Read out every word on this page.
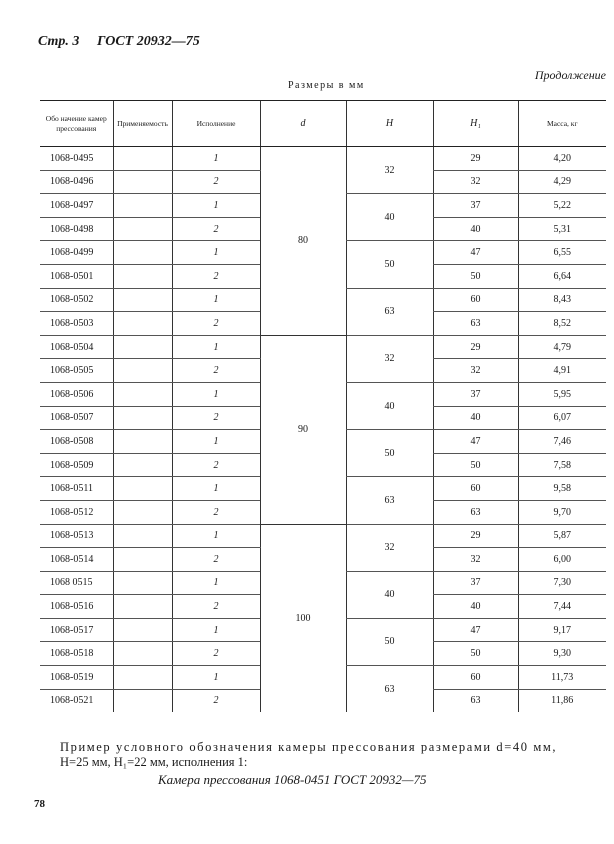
Стр. 3 ГОСТ 20932—75
Продолжение
Размеры в мм
Обо начение камер прессования	Применяемость	Исполнение	d	H	H₁	Масса, кг
1068-0495		1	80	32	29	4,20
1068-0496		2			32	4,29
1068-0497		1		40	37	5,22
1068-0498		2			40	5,31
1068-0499		1		50	47	6,55
1068-0501		2			50	6,64
1068-0502		1		63	60	8,43
1068-0503		2			63	8,52
1068-0504		1	90	32	29	4,79
1068-0505		2			32	4,91
1068-0506		1		40	37	5,95
1068-0507		2			40	6,07
1068-0508		1		50	47	7,46
1068-0509		2			50	7,58
1068-0511		1		63	60	9,58
1068-0512		2			63	9,70
1068-0513		1	100	32	29	5,87
1068-0514		2			32	6,00
1068 0515		1		40	37	7,30
1068-0516		2			40	7,44
1068-0517		1		50	47	9,17
1068-0518		2			50	9,30
1068-0519		1		63	60	11,73
1068-0521		2			63	11,86
Пример условного обозначения камеры прессования размерами d=40 мм,
H=25 мм, H₁=22 мм, исполнения 1:
Камера прессования 1068-0451 ГОСТ 20932—75
78
